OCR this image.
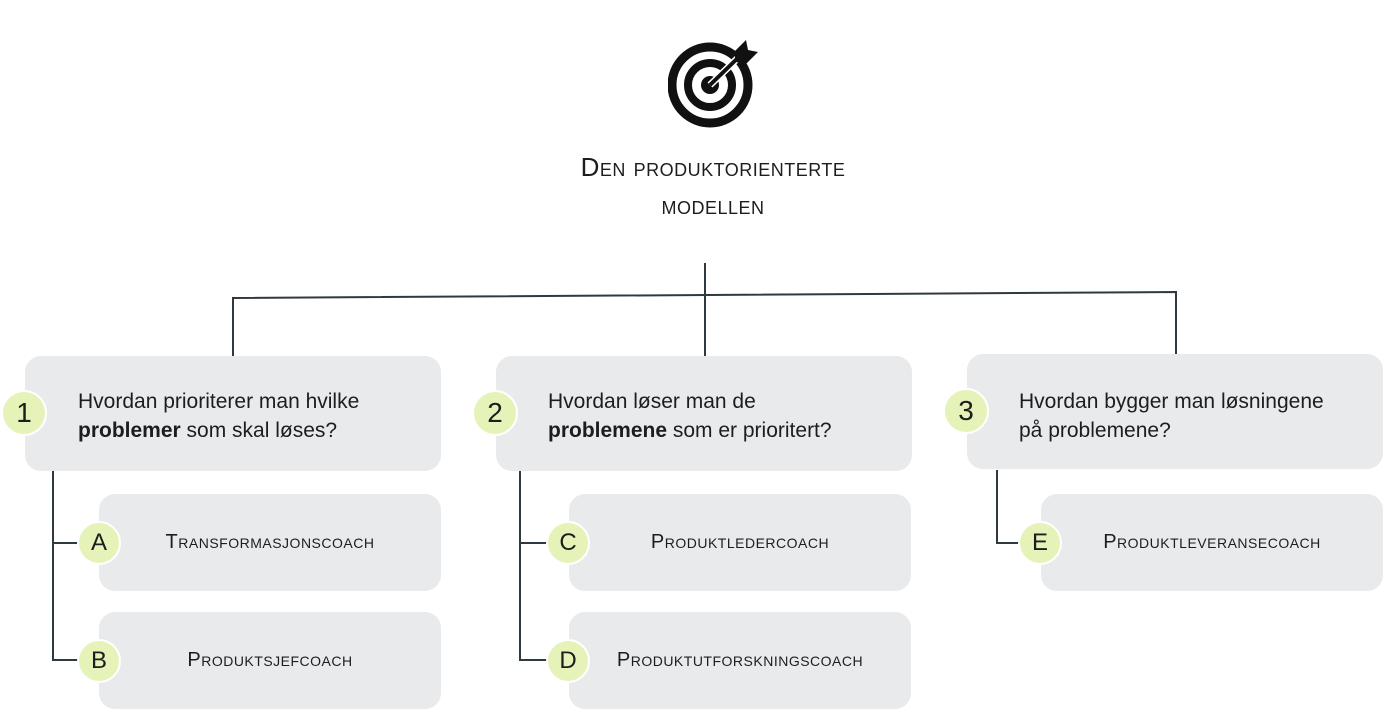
Den produktorienterte
modellen
1	Hvordan prioriterer man hvilke
problemer som skal løses?
2	Hvordan løser man de
problemene som er prioritert?
3	Hvordan bygger man løsningene
på problemene?
A	Transformasjonscoach
B	Produktsjefcoach
C	Produktledercoach
D	Produktutforskningscoach
E	Produktleveransecoach
